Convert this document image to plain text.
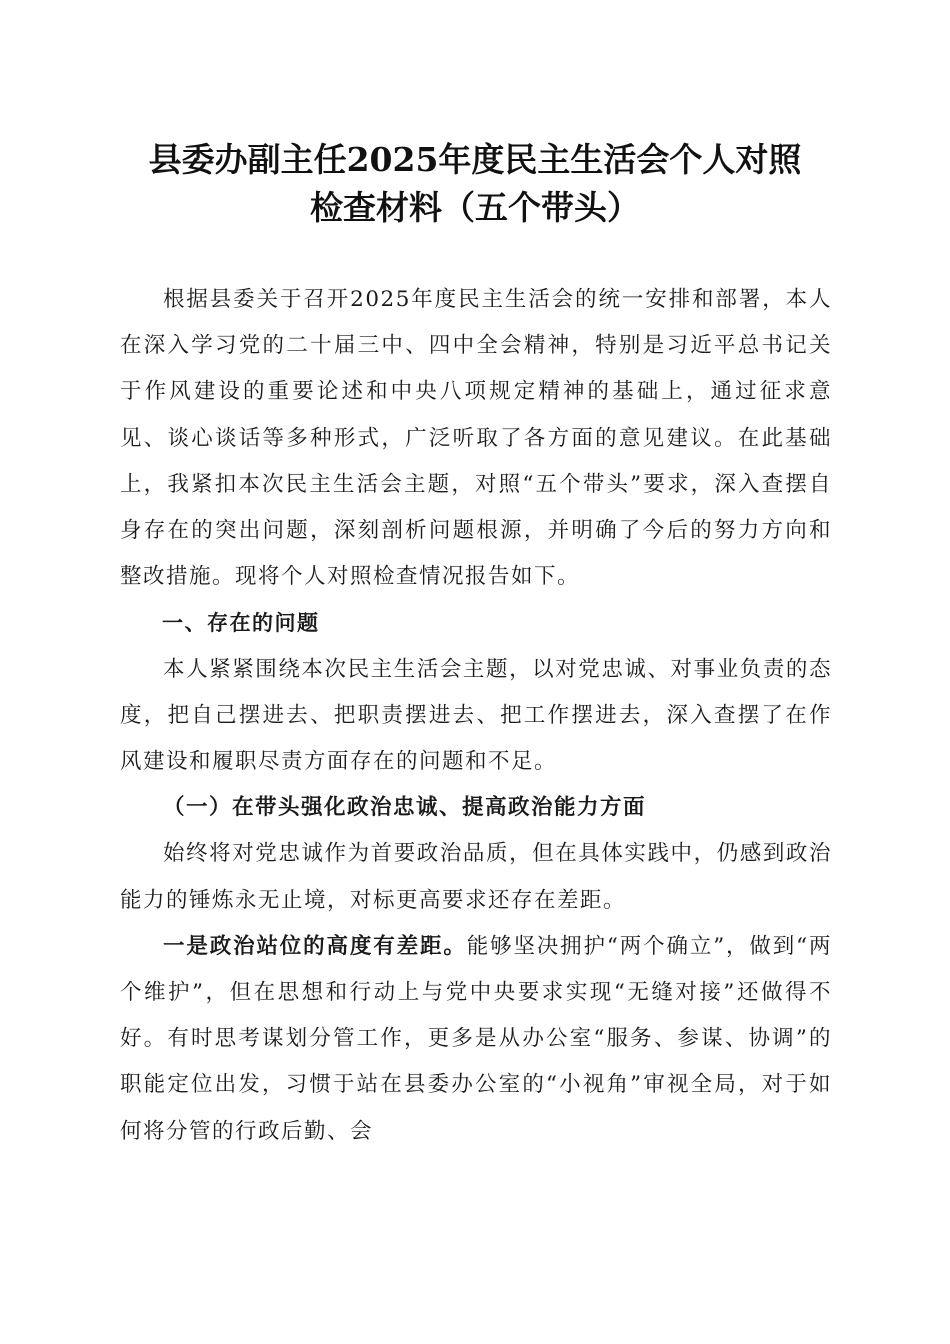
县委办副主任2025年度民主生活会个人对照
检查材料（五个带头）

根据县委关于召开2025年度民主生活会的统一安排和部署，本人在深入学习党的二十届三中、四中全会精神，特别是习近平总书记关于作风建设的重要论述和中央八项规定精神的基础上，通过征求意见、谈心谈话等多种形式，广泛听取了各方面的意见建议。在此基础上，我紧扣本次民主生活会主题，对照“五个带头”要求，深入查摆自身存在的突出问题，深刻剖析问题根源，并明确了今后的努力方向和整改措施。现将个人对照检查情况报告如下。

一、存在的问题

本人紧紧围绕本次民主生活会主题，以对党忠诚、对事业负责的态度，把自己摆进去、把职责摆进去、把工作摆进去，深入查摆了在作风建设和履职尽责方面存在的问题和不足。

（一）在带头强化政治忠诚、提高政治能力方面

始终将对党忠诚作为首要政治品质，但在具体实践中，仍感到政治能力的锤炼永无止境，对标更高要求还存在差距。

一是政治站位的高度有差距。能够坚决拥护“两个确立”，做到“两个维护”，但在思想和行动上与党中央要求实现“无缝对接”还做得不好。有时思考谋划分管工作，更多是从办公室“服务、参谋、协调”的职能定位出发，习惯于站在县委办公室的“小视角”审视全局，对于如何将分管的行政后勤、会
